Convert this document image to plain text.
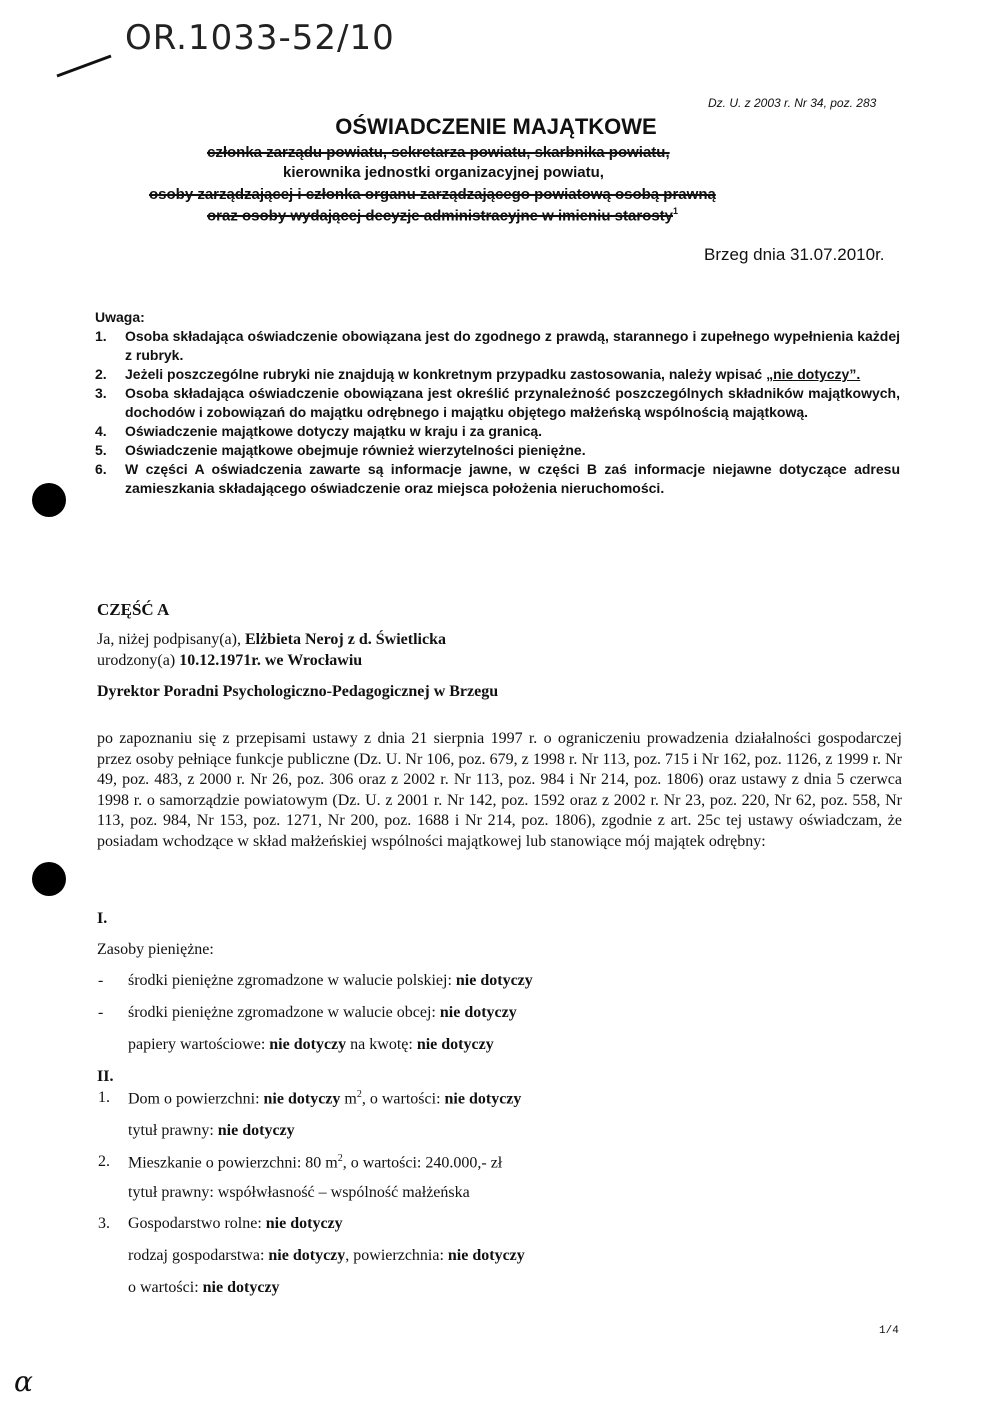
OR.1033-52/10
α
Dz. U. z 2003 r. Nr 34, poz. 283
OŚWIADCZENIE MAJĄTKOWE
członka zarządu powiatu, sekretarza powiatu, skarbnika powiatu,
kierownika jednostki organizacyjnej powiatu,
osoby zarządzającej i członka organu zarządzającego powiatową osobą prawną
oraz osoby wydającej decyzje administracyjne w imieniu starosty$^1$
Brzeg dnia 31.07.2010r.
Uwaga:
1.	Osoba składająca oświadczenie obowiązana jest do zgodnego z prawdą, starannego i zupełnego wypełnienia każdej z rubryk.
2.	Jeżeli poszczególne rubryki nie znajdują w konkretnym przypadku zastosowania, należy wpisać „nie dotyczy”.
3.	Osoba składająca oświadczenie obowiązana jest określić przynależność poszczególnych składników majątkowych, dochodów i zobowiązań do majątku odrębnego i majątku objętego małżeńską wspólnością majątkową.
4.	Oświadczenie majątkowe dotyczy majątku w kraju i za granicą.
5.	Oświadczenie majątkowe obejmuje również wierzytelności pieniężne.
6.	W części A oświadczenia zawarte są informacje jawne, w części B zaś informacje niejawne dotyczące adresu zamieszkania składającego oświadczenie oraz miejsca położenia nieruchomości.
CZĘŚĆ A
Ja, niżej podpisany(a), Elżbieta Neroj z d. Świetlicka
urodzony(a) 10.12.1971r. we Wrocławiu
Dyrektor Poradni Psychologiczno-Pedagogicznej w Brzegu
po zapoznaniu się z przepisami ustawy z dnia 21 sierpnia 1997 r. o ograniczeniu prowadzenia działalności gospodarczej przez osoby pełniące funkcje publiczne (Dz. U. Nr 106, poz. 679, z 1998 r. Nr 113, poz. 715 i Nr 162, poz. 1126, z 1999 r. Nr 49, poz. 483, z 2000 r. Nr 26, poz. 306 oraz z 2002 r. Nr 113, poz. 984 i Nr 214, poz. 1806) oraz ustawy z dnia 5 czerwca 1998 r. o samorządzie powiatowym (Dz. U. z 2001 r. Nr 142, poz. 1592 oraz z 2002 r. Nr 23, poz. 220, Nr 62, poz. 558, Nr 113, poz. 984, Nr 153, poz. 1271, Nr 200, poz. 1688 i Nr 214, poz. 1806), zgodnie z art. 25c tej ustawy oświadczam, że posiadam wchodzące w skład małżeńskiej wspólności majątkowej lub stanowiące mój majątek odrębny:
I.
Zasoby pieniężne:
- środki pieniężne zgromadzone w walucie polskiej: nie dotyczy
- środki pieniężne zgromadzone w walucie obcej: nie dotyczy
papiery wartościowe: nie dotyczy na kwotę: nie dotyczy
II.
1. Dom o powierzchni: nie dotyczy $m^2$, o wartości: nie dotyczy
tytuł prawny: nie dotyczy
2. Mieszkanie o powierzchni: 80 $m^2$, o wartości: 240.000,- zł
tytuł prawny: współwłasność – wspólność małżeńska
3. Gospodarstwo rolne: nie dotyczy
rodzaj gospodarstwa: nie dotyczy, powierzchnia: nie dotyczy
o wartości: nie dotyczy
1/4
